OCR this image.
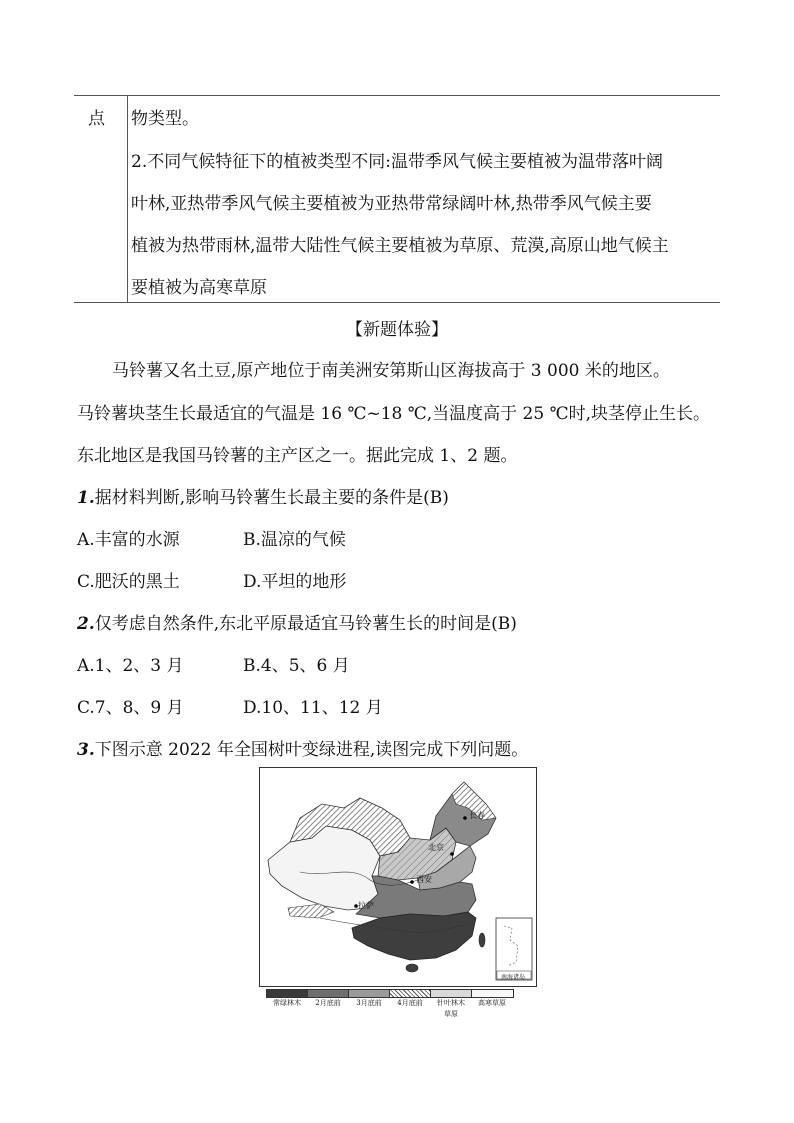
点 物类型。
2.不同气候特征下的植被类型不同:温带季风气候主要植被为温带落叶阔
叶林,亚热带季风气候主要植被为亚热带常绿阔叶林,热带季风气候主要
植被为热带雨林,温带大陆性气候主要植被为草原、荒漠,高原山地气候主
要植被为高寒草原
【新题体验】
马铃薯又名土豆,原产地位于南美洲安第斯山区海拔高于 3 000 米的地区。
马铃薯块茎生长最适宜的气温是 16 ℃~18 ℃,当温度高于 25 ℃时,块茎停止生长。
东北地区是我国马铃薯的主产区之一。据此完成 1、2 题。
1.据材料判断,影响马铃薯生长最主要的条件是(B)
A.丰富的水源	B.温凉的气候
C.肥沃的黑土	D.平坦的地形
2.仅考虑自然条件,东北平原最适宜马铃薯生长的时间是(B)
A.1、2、3 月	B.4、5、6 月
C.7、8、9 月	D.10、11、12 月
3.下图示意 2022 年全国树叶变绿进程,读图完成下列问题。
长春
北京
西安
拉萨
南海诸岛
常绿林木	2月底前	3月底前	4月底前	针叶林木	高寒草原
草原
